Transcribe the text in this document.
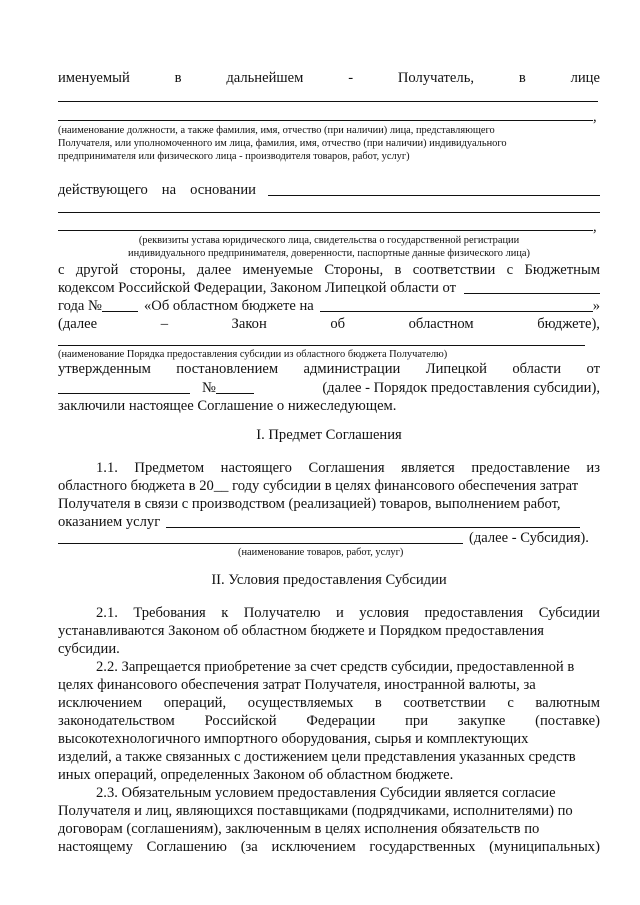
именуемый	в	дальнейшем	-	Получатель,	в	лице
,
(наименование должности, а также фамилия, имя, отчество (при наличии) лица, представляющего
Получателя, или уполномоченного им лица, фамилия, имя, отчество (при наличии) индивидуального
предпринимателя или физического лица - производителя товаров, работ, услуг)
действующего на основании
,
(реквизиты устава юридического лица, свидетельства о государственной регистрации
индивидуального предпринимателя, доверенности, паспортные данные физического лица)
с другой стороны, далее именуемые Стороны, в соответствии с Бюджетным
кодексом Российской Федерации, Законом Липецкой области от
года №	«Об областном бюджете на	»
(далее	–	Закон	об	областном	бюджете),
(наименование Порядка предоставления субсидии из областного бюджета Получателю)
утвержденным постановлением администрации Липецкой области от
№	(далее - Порядок предоставления субсидии),
заключили настоящее Соглашение о нижеследующем.
I. Предмет Соглашения
1.1. Предметом настоящего Соглашения является предоставление из
областного бюджета в 20__ году субсидии в целях финансового обеспечения затрат
Получателя в связи с производством (реализацией) товаров, выполнением работ,
оказанием услуг
(далее - Субсидия).
(наименование товаров, работ, услуг)
II. Условия предоставления Субсидии
2.1. Требования к Получателю и условия предоставления Субсидии
устанавливаются Законом об областном бюджете и Порядком предоставления
субсидии.
2.2. Запрещается приобретение за счет средств субсидии, предоставленной в
целях финансового обеспечения затрат Получателя, иностранной валюты, за
исключением операций, осуществляемых в соответствии с валютным
законодательством Российской Федерации при закупке (поставке)
высокотехнологичного импортного оборудования, сырья и комплектующих
изделий, а также связанных с достижением цели представления указанных средств
иных операций, определенных Законом об областном бюджете.
2.3. Обязательным условием предоставления Субсидии является согласие
Получателя и лиц, являющихся поставщиками (подрядчиками, исполнителями) по
договорам (соглашениям), заключенным в целях исполнения обязательств по
настоящему Соглашению (за исключением государственных (муниципальных)
